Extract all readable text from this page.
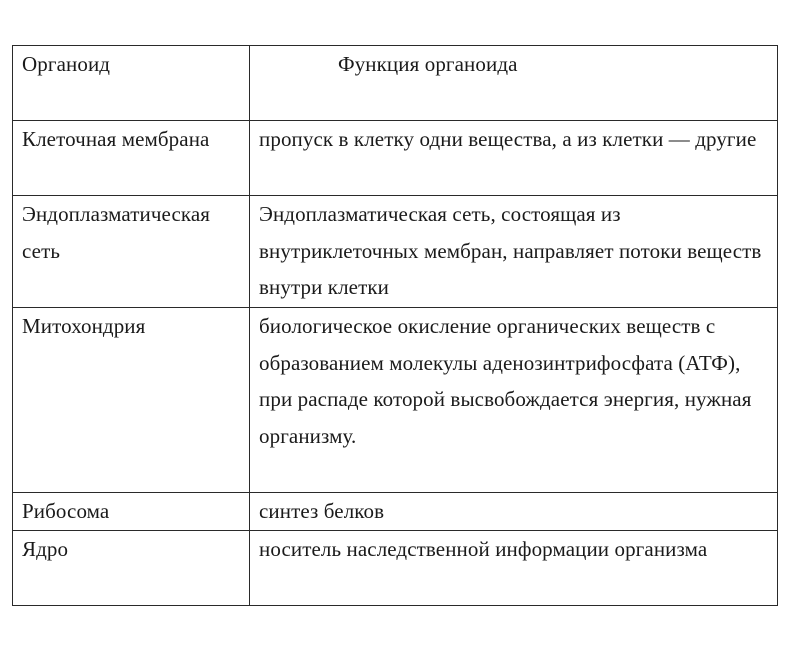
Органоид	Функция органоида
Клеточная мембрана	пропуск в клетку одни вещества, а из клетки — другие
Эндоплазматическая сеть	Эндоплазматическая сеть, состоящая из внутриклеточных мембран, направляет потоки веществ внутри клетки
Митохондрия	биологическое окисление органических веществ с образованием молекулы аденозинтрифосфата (АТФ), при распаде которой высвобождается энергия, нужная организму.
Рибосома	синтез белков
Ядро	носитель наследственной информации организма
